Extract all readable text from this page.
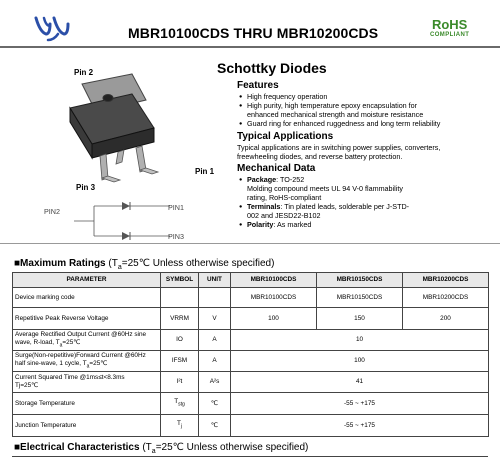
MBR10100CDS THRU MBR10200CDS
RoHS
COMPLIANT
Pin 2
Pin 1
Pin 3
PIN2	PIN1
PIN3
Schottky Diodes
Features
● High frequency operation
● High purity, high temperature epoxy encapsulation for
enhanced mechanical strength and moisture resistance
● Guard ring for enhanced ruggedness and long term reliability
Typical Applications
Typical applications are in switching power supplies, converters,
freewheeling diodes, and reverse battery protection.
Mechanical Data
● Package: TO-252
Molding compound meets UL 94 V-0 flammability
rating, RoHS-compliant
● Terminals: Tin plated leads, solderable per J-STD-
002 and JESD22-B102
● Polarity: As marked
■Maximum Ratings ($T_a=25℃$ Unless otherwise specified)
PARAMETER	SYMBOL	UNIT	MBR10100CDS	MBR10150CDS	MBR10200CDS
Device marking code			MBR10100CDS	MBR10150CDS	MBR10200CDS
Repetitive Peak Reverse Voltage	VRRM	V	100	150	200

Average Rectified Output Current @60Hz sine
wave, R-load, $T_a=25℃$	IO	A	10		

Surge(Non-repetitive)Forward Current @60Hz
half sine-wave, 1 cycle, $T_a=25℃$	IFSM	A	100		

Current Squared Time @1ms≤t<8.3ms
Tj=25℃	I²t	A²s	41		
Storage Temperature	$T_{stg}$	℃	-55 ~ +175		
Junction Temperature	$T_j$	℃	-55 ~ +175		
■Electrical Characteristics ($T_a=25℃$ Unless otherwise specified)
